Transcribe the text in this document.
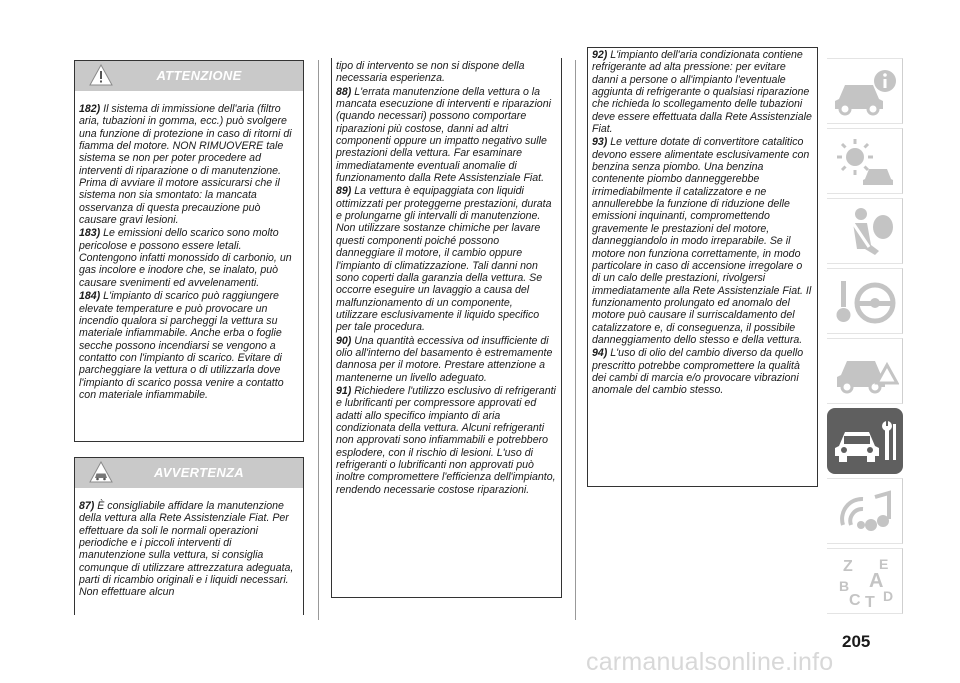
ATTENZIONE

182) Il sistema di immissione dell'aria (filtro aria, tubazioni in gomma, ecc.) può svolgere una funzione di protezione in caso di ritorni di fiamma del motore. NON RIMUOVERE tale sistema se non per poter procedere ad interventi di riparazione o di manutenzione. Prima di avviare il motore assicurarsi che il sistema non sia smontato: la mancata osservanza di questa precauzione può causare gravi lesioni.

183) Le emissioni dello scarico sono molto pericolose e possono essere letali. Contengono infatti monossido di carbonio, un gas incolore e inodore che, se inalato, può causare svenimenti ed avvelenamenti.

184) L'impianto di scarico può raggiungere elevate temperature e può provocare un incendio qualora si parcheggi la vettura su materiale infiammabile. Anche erba o foglie secche possono incendiarsi se vengono a contatto con l'impianto di scarico. Evitare di parcheggiare la vettura o di utilizzarla dove l'impianto di scarico possa venire a contatto con materiale infiammabile.

AVVERTENZA

87) È consigliabile affidare la manutenzione della vettura alla Rete Assistenziale Fiat. Per effettuare da soli le normali operazioni periodiche e i piccoli interventi di manutenzione sulla vettura, si consiglia comunque di utilizzare attrezzatura adeguata, parti di ricambio originali e i liquidi necessari. Non effettuare alcun

tipo di intervento se non si dispone della necessaria esperienza.

88) L'errata manutenzione della vettura o la mancata esecuzione di interventi e riparazioni (quando necessari) possono comportare riparazioni più costose, danni ad altri componenti oppure un impatto negativo sulle prestazioni della vettura. Far esaminare immediatamente eventuali anomalie di funzionamento dalla Rete Assistenziale Fiat.

89) La vettura è equipaggiata con liquidi ottimizzati per proteggerne prestazioni, durata e prolungarne gli intervalli di manutenzione. Non utilizzare sostanze chimiche per lavare questi componenti poiché possono danneggiare il motore, il cambio oppure l'impianto di climatizzazione. Tali danni non sono coperti dalla garanzia della vettura. Se occorre eseguire un lavaggio a causa del malfunzionamento di un componente, utilizzare esclusivamente il liquido specifico per tale procedura.

90) Una quantità eccessiva od insufficiente di olio all'interno del basamento è estremamente dannosa per il motore. Prestare attenzione a mantenerne un livello adeguato.

91) Richiedere l'utilizzo esclusivo di refrigeranti e lubrificanti per compressore approvati ed adatti allo specifico impianto di aria condizionata della vettura. Alcuni refrigeranti non approvati sono infiammabili e potrebbero esplodere, con il rischio di lesioni. L'uso di refrigeranti o lubrificanti non approvati può inoltre compromettere l'efficienza dell'impianto, rendendo necessarie costose riparazioni.

92) L'impianto dell'aria condizionata contiene refrigerante ad alta pressione: per evitare danni a persone o all'impianto l'eventuale aggiunta di refrigerante o qualsiasi riparazione che richieda lo scollegamento delle tubazioni deve essere effettuata dalla Rete Assistenziale Fiat.

93) Le vetture dotate di convertitore catalitico devono essere alimentate esclusivamente con benzina senza piombo. Una benzina contenente piombo danneggerebbe irrimediabilmente il catalizzatore e ne annullerebbe la funzione di riduzione delle emissioni inquinanti, compromettendo gravemente le prestazioni del motore, danneggiandolo in modo irreparabile. Se il motore non funziona correttamente, in modo particolare in caso di accensione irregolare o di un calo delle prestazioni, rivolgersi immediatamente alla Rete Assistenziale Fiat. Il funzionamento prolungato ed anomalo del motore può causare il surriscaldamento del catalizzatore e, di conseguenza, il possibile danneggiamento dello stesso e della vettura.

94) L'uso di olio del cambio diverso da quello prescritto potrebbe compromettere la qualità dei cambi di marcia e/o provocare vibrazioni anomale del cambio stesso.

Z E
A
B
C T D
205
carmanualsonline.info
